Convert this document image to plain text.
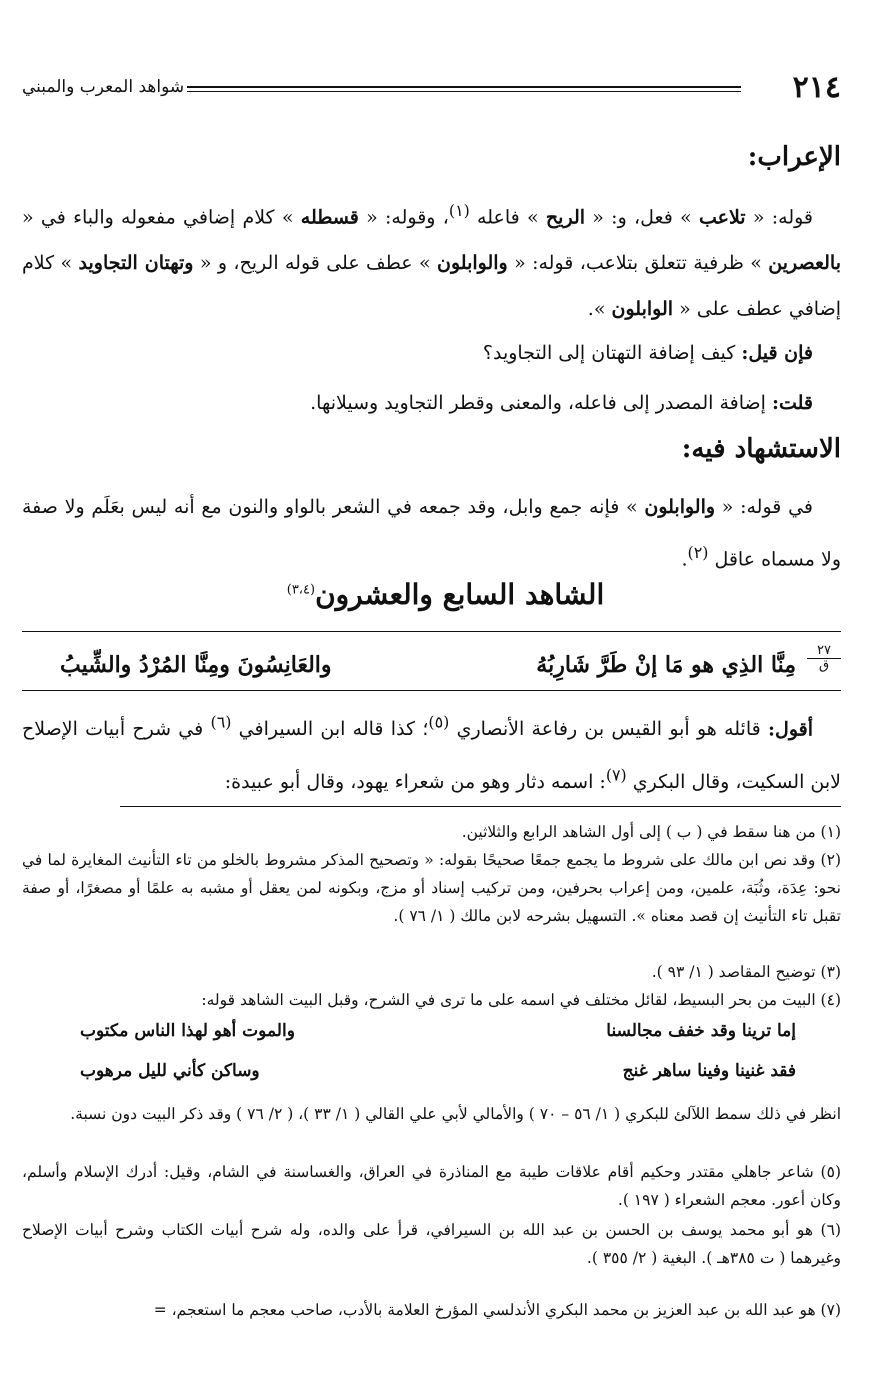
٢١٤
شواهد المعرب والمبني
الإعراب:
قوله: « تلاعب » فعل، و: « الريح » فاعله $^{(١)}$، وقوله: « قسطله » كلام إضافي مفعوله والباء في « بالعصرين » ظرفية تتعلق بتلاعب، قوله: « والوابلون » عطف على قوله الريح، و « وتهتان التجاويد » كلام إضافي عطف على « الوابلون ».
فإن قيل: كيف إضافة التهتان إلى التجاويد؟
قلت: إضافة المصدر إلى فاعله، والمعنى وقطر التجاويد وسيلانها.
الاستشهاد فيه:
في قوله: « والوابلون » فإنه جمع وابل، وقد جمعه في الشعر بالواو والنون مع أنه ليس بعَلَم ولا صفة ولا مسماه عاقل $^{(٢)}$.
الشاهد السابع والعشرون$^{(٣،٤)}$
٢٧
ق
مِنَّا الذِي هو مَا إنْ طَرَّ شَارِبُهُ
والعَانِسُونَ ومِنَّا المُرْدُ والشِّيبُ
أقول: قائله هو أبو القيس بن رفاعة الأنصاري $^{(٥)}$؛ كذا قاله ابن السيرافي $^{(٦)}$ في شرح أبيات الإصلاح لابن السكيت، وقال البكري $^{(٧)}$: اسمه دثار وهو من شعراء يهود، وقال أبو عبيدة:
(١) من هنا سقط في ( ب ) إلى أول الشاهد الرابع والثلاثين.
(٢) وقد نص ابن مالك على شروط ما يجمع جمعًا صحيحًا بقوله: « وتصحيح المذكر مشروط بالخلو من تاء التأنيث المغايرة لما في نحو: عِدَة، وثُبَة، علمين، ومن إعراب بحرفين، ومن تركيب إسناد أو مزج، وبكونه لمن يعقل أو مشبه به علمًا أو مصغرًا، أو صفة تقبل تاء التأنيث إن قصد معناه ». التسهيل بشرحه لابن مالك ( ١/ ٧٦ ).
(٣) توضيح المقاصد ( ١/ ٩٣ ).
(٤) البيت من بحر البسيط، لقائل مختلف في اسمه على ما ترى في الشرح، وقبل البيت الشاهد قوله:
إما ترينا وقد خفف مجالسنا
والموت أهو لهذا الناس مكتوب
فقد غنينا وفينا ساهر غنج
وساكن كأني لليل مرهوب
انظر في ذلك سمط اللآلئ للبكري ( ١/ ٥٦ – ٧٠ ) والأمالي لأبي علي القالي ( ١/ ٣٣ )، ( ٢/ ٧٦ ) وقد ذكر البيت دون نسبة.
(٥) شاعر جاهلي مقتدر وحكيم أقام علاقات طيبة مع المناذرة في العراق، والغساسنة في الشام، وقيل: أدرك الإسلام وأسلم، وكان أعور. معجم الشعراء ( ١٩٧ ).
(٦) هو أبو محمد يوسف بن الحسن بن عبد الله بن السيرافي، قرأ على والده، وله شرح أبيات الكتاب وشرح أبيات الإصلاح وغيرهما ( ت ٣٨٥هـ ). البغية ( ٢/ ٣٥٥ ).
(٧) هو عبد الله بن عبد العزيز بن محمد البكري الأندلسي المؤرخ العلامة بالأدب، صاحب معجم ما استعجم، =
